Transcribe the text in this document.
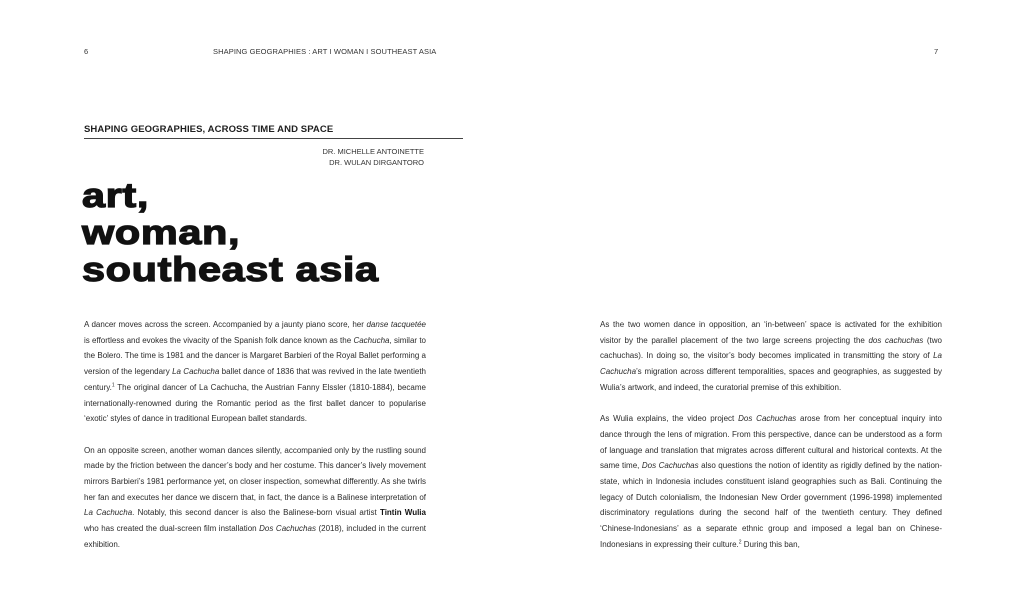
6	SHAPING GEOGRAPHIES : ART I WOMAN I SOUTHEAST ASIA	7
SHAPING GEOGRAPHIES, ACROSS TIME AND SPACE
DR. MICHELLE ANTOINETTE
DR. WULAN DIRGANTORO
art,
woman,
southeast asia

A dancer moves across the screen. Accompanied by a jaunty piano score, her danse tacquetée is effortless and evokes the vivacity of the Spanish folk dance known as the Cachucha, similar to the Bolero. The time is 1981 and the dancer is Margaret Barbieri of the Royal Ballet performing a version of the legendary La Cachucha ballet dance of 1836 that was revived in the late twentieth century.$^1$ The original dancer of La Cachucha, the Austrian Fanny Elssler (1810-1884), became internationally-renowned during the Romantic period as the first ballet dancer to popularise ‘exotic’ styles of dance in traditional European ballet standards.

On an opposite screen, another woman dances silently, accompanied only by the rustling sound made by the friction between the dancer’s body and her costume. This dancer’s lively movement mirrors Barbieri’s 1981 performance yet, on closer inspection, somewhat differently. As she twirls her fan and executes her dance we discern that, in fact, the dance is a Balinese interpretation of La Cachucha. Notably, this second dancer is also the Balinese-born visual artist Tintin Wulia who has created the dual-screen film installation Dos Cachuchas (2018), included in the current exhibition.

As the two women dance in opposition, an ‘in-between’ space is activated for the exhibition visitor by the parallel placement of the two large screens projecting the dos cachuchas (two cachuchas). In doing so, the visitor’s body becomes implicated in transmitting the story of La Cachucha’s migration across different temporalities, spaces and geographies, as suggested by Wulia’s artwork, and indeed, the curatorial premise of this exhibition.

As Wulia explains, the video project Dos Cachuchas arose from her conceptual inquiry into dance through the lens of migration. From this perspective, dance can be understood as a form of language and translation that migrates across different cultural and historical contexts. At the same time, Dos Cachuchas also questions the notion of identity as rigidly defined by the nation-state, which in Indonesia includes constituent island geographies such as Bali. Continuing the legacy of Dutch colonialism, the Indonesian New Order government (1996-1998) implemented discriminatory regulations during the second half of the twentieth century. They defined ‘Chinese-Indonesians’ as a separate ethnic group and imposed a legal ban on Chinese-Indonesians in expressing their culture.$^2$ During this ban,
